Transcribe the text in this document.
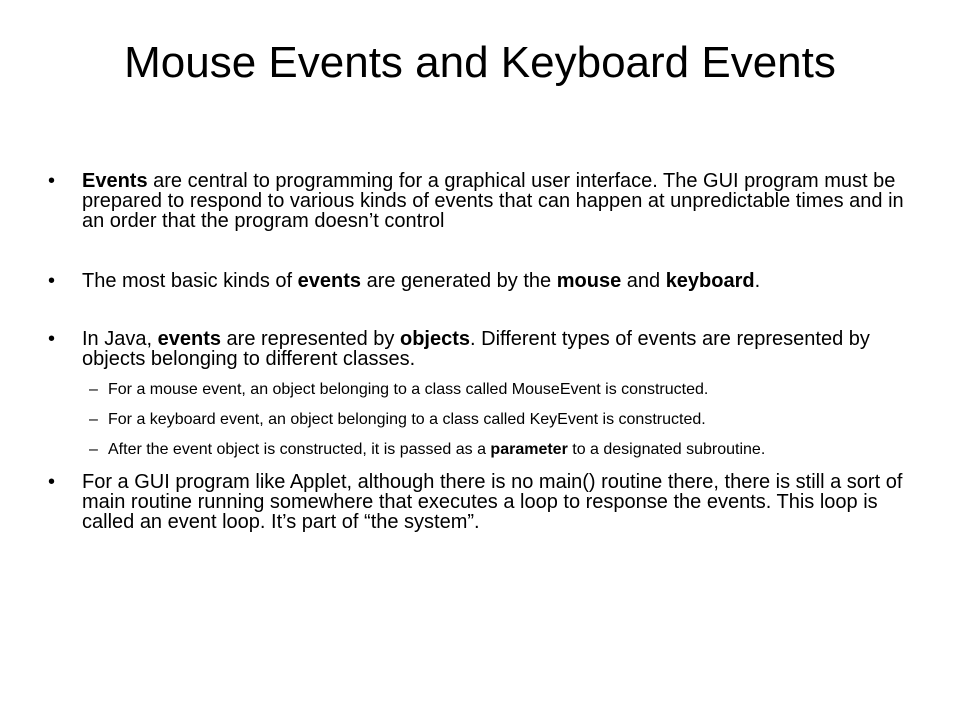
Mouse Events and Keyboard Events
• Events are central to programming for a graphical user interface. The GUI program must be prepared to respond to various kinds of events that can happen at unpredictable times and in an order that the program doesn’t control
• The most basic kinds of events are generated by the mouse and keyboard.
• In Java, events are represented by objects. Different types of events are represented by objects belonging to different classes.
– For a mouse event, an object belonging to a class called MouseEvent is constructed.
– For a keyboard event, an object belonging to a class called KeyEvent is constructed.
– After the event object is constructed, it is passed as a parameter to a designated subroutine.
• For a GUI program like Applet, although there is no main() routine there, there is still a sort of main routine running somewhere that executes a loop to response the events. This loop is called an event loop. It’s part of “the system”.
